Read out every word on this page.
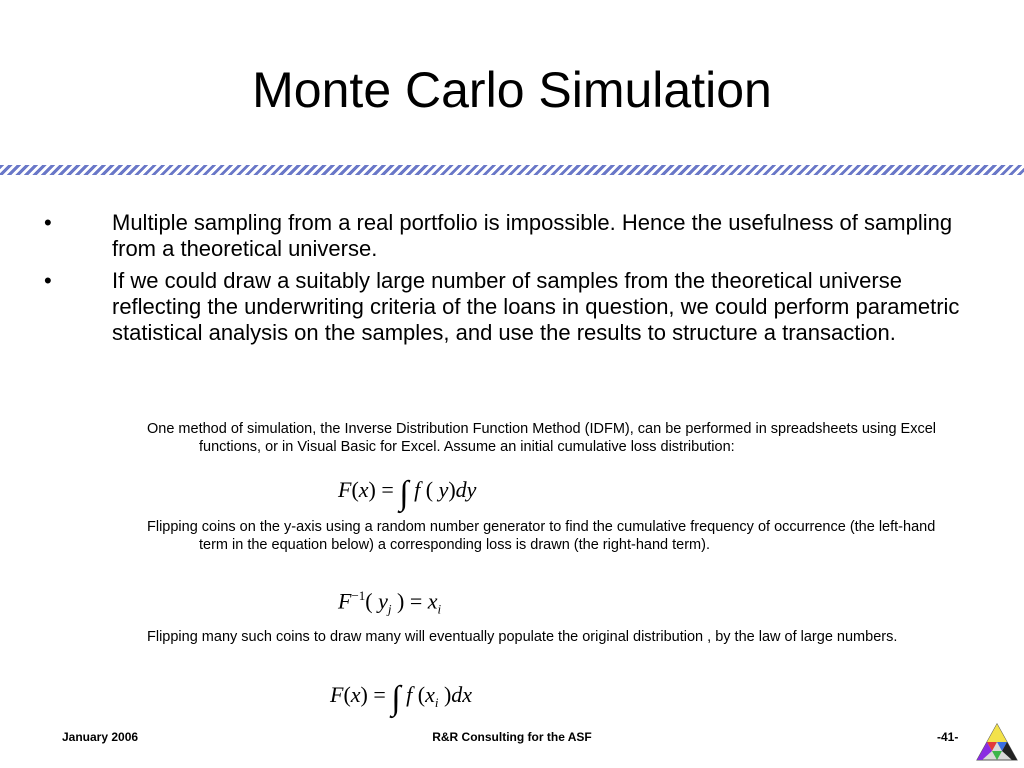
Monte Carlo Simulation
•	Multiple sampling from a real portfolio is impossible. Hence the usefulness of sampling from a theoretical universe.
•	If we could draw a suitably large number of samples from the theoretical universe reflecting the underwriting criteria of the loans in question, we could perform parametric statistical analysis on the samples, and use the results to structure a transaction.
One method of simulation, the Inverse Distribution Function Method (IDFM), can be performed in spreadsheets using Excel functions, or in Visual Basic for Excel. Assume an initial cumulative loss distribution:
Flipping coins on the y-axis using a random number generator to find the cumulative frequency of occurrence (the left-hand term in the equation below) a corresponding loss is drawn (the right-hand term).
Flipping many such coins to draw many will eventually populate the original distribution , by the law of large numbers.
F(x) = ∫ f ( y)dy
$F^{-1}$( $y_j$ ) = $x_i$
F(x) = ∫ f ($x_i$ )dx
January 2006	R&R Consulting for the ASF	-41-
